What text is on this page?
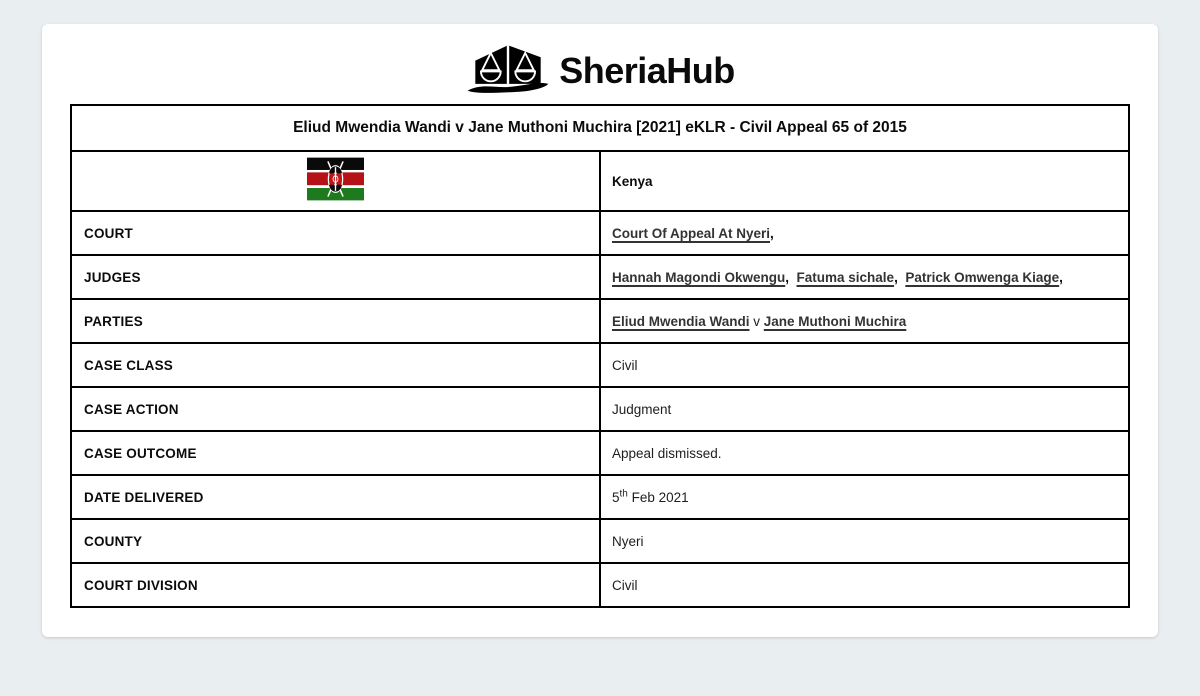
SheriaHub
Eliud Mwendia Wandi v Jane Muthoni Muchira [2021] eKLR - Civil Appeal 65 of 2015	
	Kenya
COURT	Court Of Appeal At Nyeri,
JUDGES	Hannah Magondi Okwengu,  Fatuma sichale,  Patrick Omwenga Kiage,
PARTIES	Eliud Mwendia Wandi v Jane Muthoni Muchira
CASE CLASS	Civil
CASE ACTION	Judgment
CASE OUTCOME	Appeal dismissed.
DATE DELIVERED	5th Feb 2021
COUNTY	Nyeri
COURT DIVISION	Civil
